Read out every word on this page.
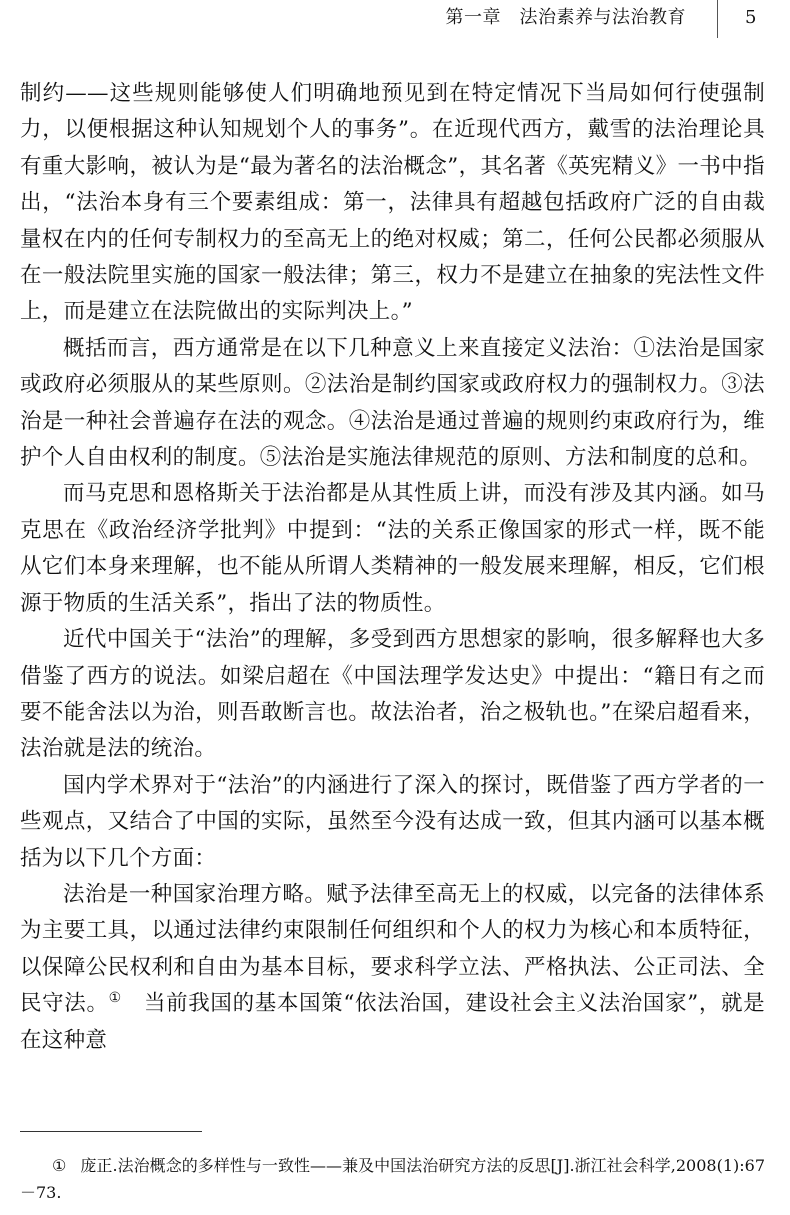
第一章　法治素养与法治教育	5

制约——这些规则能够使人们明确地预见到在特定情况下当局如何行使强制力，以便根据这种认知规划个人的事务”。在近现代西方，戴雪的法治理论具有重大影响，被认为是“最为著名的法治概念”，其名著《英宪精义》一书中指出，“法治本身有三个要素组成：第一，法律具有超越包括政府广泛的自由裁量权在内的任何专制权力的至高无上的绝对权威；第二，任何公民都必须服从在一般法院里实施的国家一般法律；第三，权力不是建立在抽象的宪法性文件上，而是建立在法院做出的实际判决上。”

概括而言，西方通常是在以下几种意义上来直接定义法治：①法治是国家或政府必须服从的某些原则。②法治是制约国家或政府权力的强制权力。③法治是一种社会普遍存在法的观念。④法治是通过普遍的规则约束政府行为，维护个人自由权利的制度。⑤法治是实施法律规范的原则、方法和制度的总和。

而马克思和恩格斯关于法治都是从其性质上讲，而没有涉及其内涵。如马克思在《政治经济学批判》中提到：“法的关系正像国家的形式一样，既不能从它们本身来理解，也不能从所谓人类精神的一般发展来理解，相反，它们根源于物质的生活关系”，指出了法的物质性。

近代中国关于“法治”的理解，多受到西方思想家的影响，很多解释也大多借鉴了西方的说法。如梁启超在《中国法理学发达史》中提出：“籍日有之而要不能舍法以为治，则吾敢断言也。故法治者，治之极轨也。”在梁启超看来，法治就是法的统治。

国内学术界对于“法治”的内涵进行了深入的探讨，既借鉴了西方学者的一些观点，又结合了中国的实际，虽然至今没有达成一致，但其内涵可以基本概括为以下几个方面：

法治是一种国家治理方略。赋予法律至高无上的权威，以完备的法律体系为主要工具，以通过法律约束限制任何组织和个人的权力为核心和本质特征，以保障公民权利和自由为基本目标，要求科学立法、严格执法、公正司法、全民守法。①　当前我国的基本国策“依法治国，建设社会主义法治国家”，就是在这种意

① 庞正.法治概念的多样性与一致性——兼及中国法治研究方法的反思[J].浙江社会科学,2008(1):67－73.
